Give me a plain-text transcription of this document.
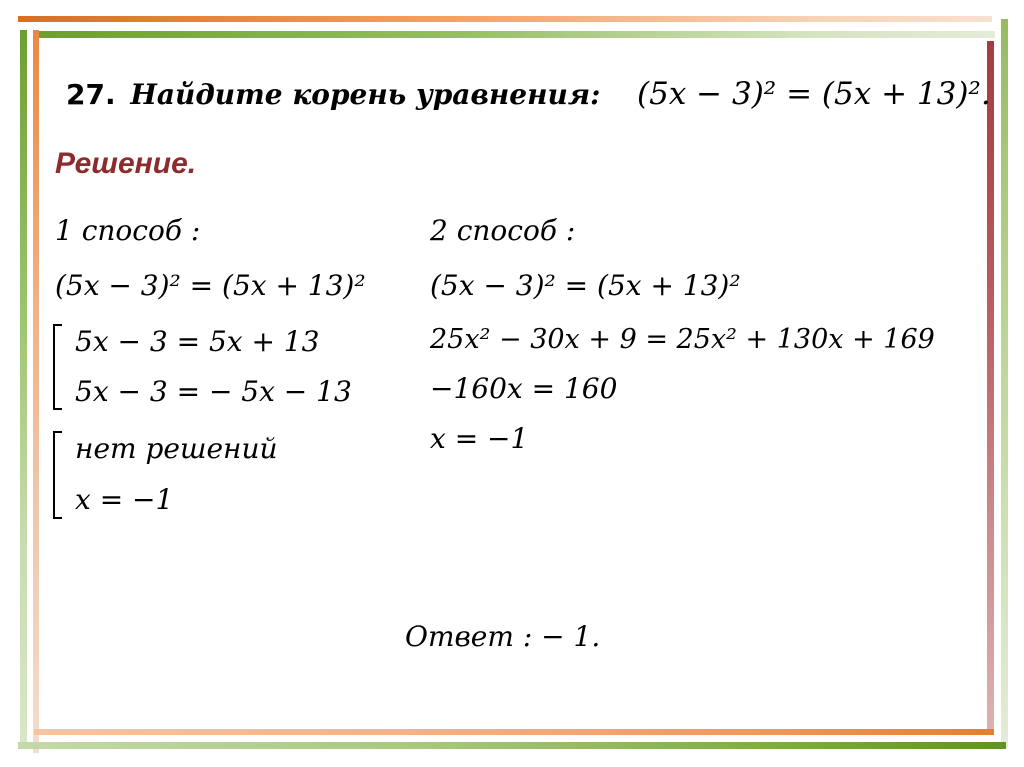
27. Найдите корень уравнения: (5x − 3)² = (5x + 13)².
Решение.
1 способ :
(5x − 3)² = (5x + 13)²
5x − 3 = 5x + 13
5x − 3 = − 5x − 13
нет решений
x = −1
2 способ :
(5x − 3)² = (5x + 13)²
25x² − 30x + 9 = 25x² + 130x + 169
−160x = 160
x = −1
Ответ : − 1.
